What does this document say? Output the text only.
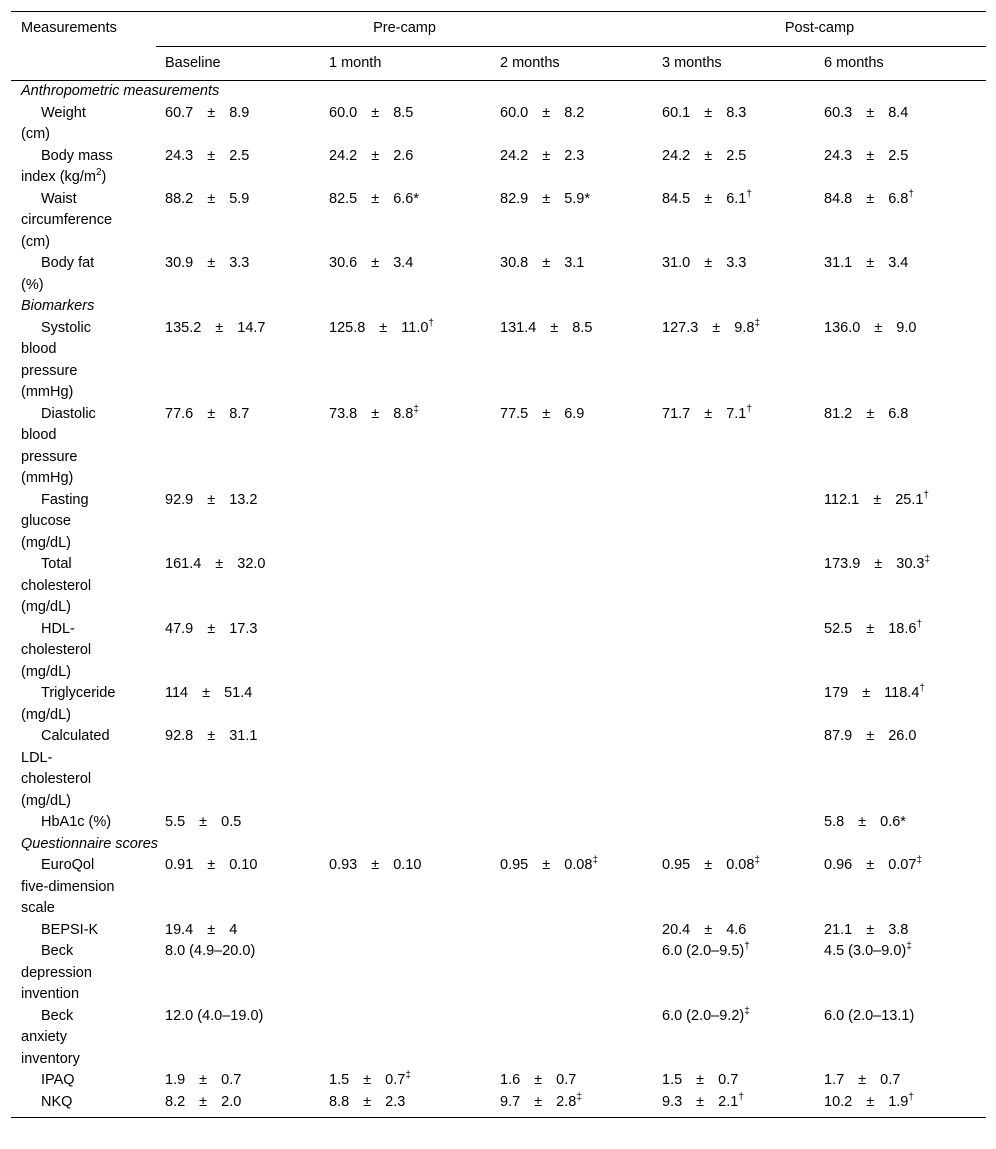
Measurements	Pre-camp			Post-camp	
	Baseline	1 month	2 months	3 months	6 months
Anthropometric measurements					

Weight
(cm)	60.7 ± 8.9	60.0 ± 8.5	60.0 ± 8.2	60.1 ± 8.3	60.3 ± 8.4

Body mass
index $(kg/m^2)$	24.3 ± 2.5	24.2 ± 2.6	24.2 ± 2.3	24.2 ± 2.5	24.3 ± 2.5

Waist
circumference
(cm)	88.2 ± 5.9	82.5 ± 6.6*	82.9 ± 5.9*	84.5 ± 6.1†	84.8 ± 6.8†

Body fat
(%)	30.9 ± 3.3	30.6 ± 3.4	30.8 ± 3.1	31.0 ± 3.3	31.1 ± 3.4
Biomarkers					

Systolic
blood
pressure
(mmHg)	135.2 ± 14.7	125.8 ± 11.0†	131.4 ± 8.5	127.3 ± 9.8‡	136.0 ± 9.0

Diastolic
blood
pressure
(mmHg)	77.6 ± 8.7	73.8 ± 8.8‡	77.5 ± 6.9	71.7 ± 7.1†	81.2 ± 6.8

Fasting
glucose
(mg/dL)	92.9 ± 13.2				112.1 ± 25.1†

Total
cholesterol
(mg/dL)	161.4 ± 32.0				173.9 ± 30.3‡

HDL-
cholesterol
(mg/dL)	47.9 ± 17.3				52.5 ± 18.6†

Triglyceride
(mg/dL)	114 ± 51.4				179 ± 118.4†

Calculated
LDL-
cholesterol
(mg/dL)	92.8 ± 31.1				87.9 ± 26.0

HbA1c (%)	5.5 ± 0.5				5.8 ± 0.6*
Questionnaire scores					

EuroQol
five-dimension
scale	0.91 ± 0.10	0.93 ± 0.10	0.95 ± 0.08‡	0.95 ± 0.08‡	0.96 ± 0.07‡

BEPSI-K	19.4 ± 4			20.4 ± 4.6	21.1 ± 3.8

Beck
depression
invention	8.0 (4.9–20.0)			6.0 (2.0–9.5)†	4.5 (3.0–9.0)‡

Beck
anxiety
inventory	12.0 (4.0–19.0)			6.0 (2.0–9.2)‡	6.0 (2.0–13.1)

IPAQ	1.9 ± 0.7	1.5 ± 0.7‡	1.6 ± 0.7	1.5 ± 0.7	1.7 ± 0.7

NKQ	8.2 ± 2.0	8.8 ± 2.3	9.7 ± 2.8‡	9.3 ± 2.1†	10.2 ± 1.9†
